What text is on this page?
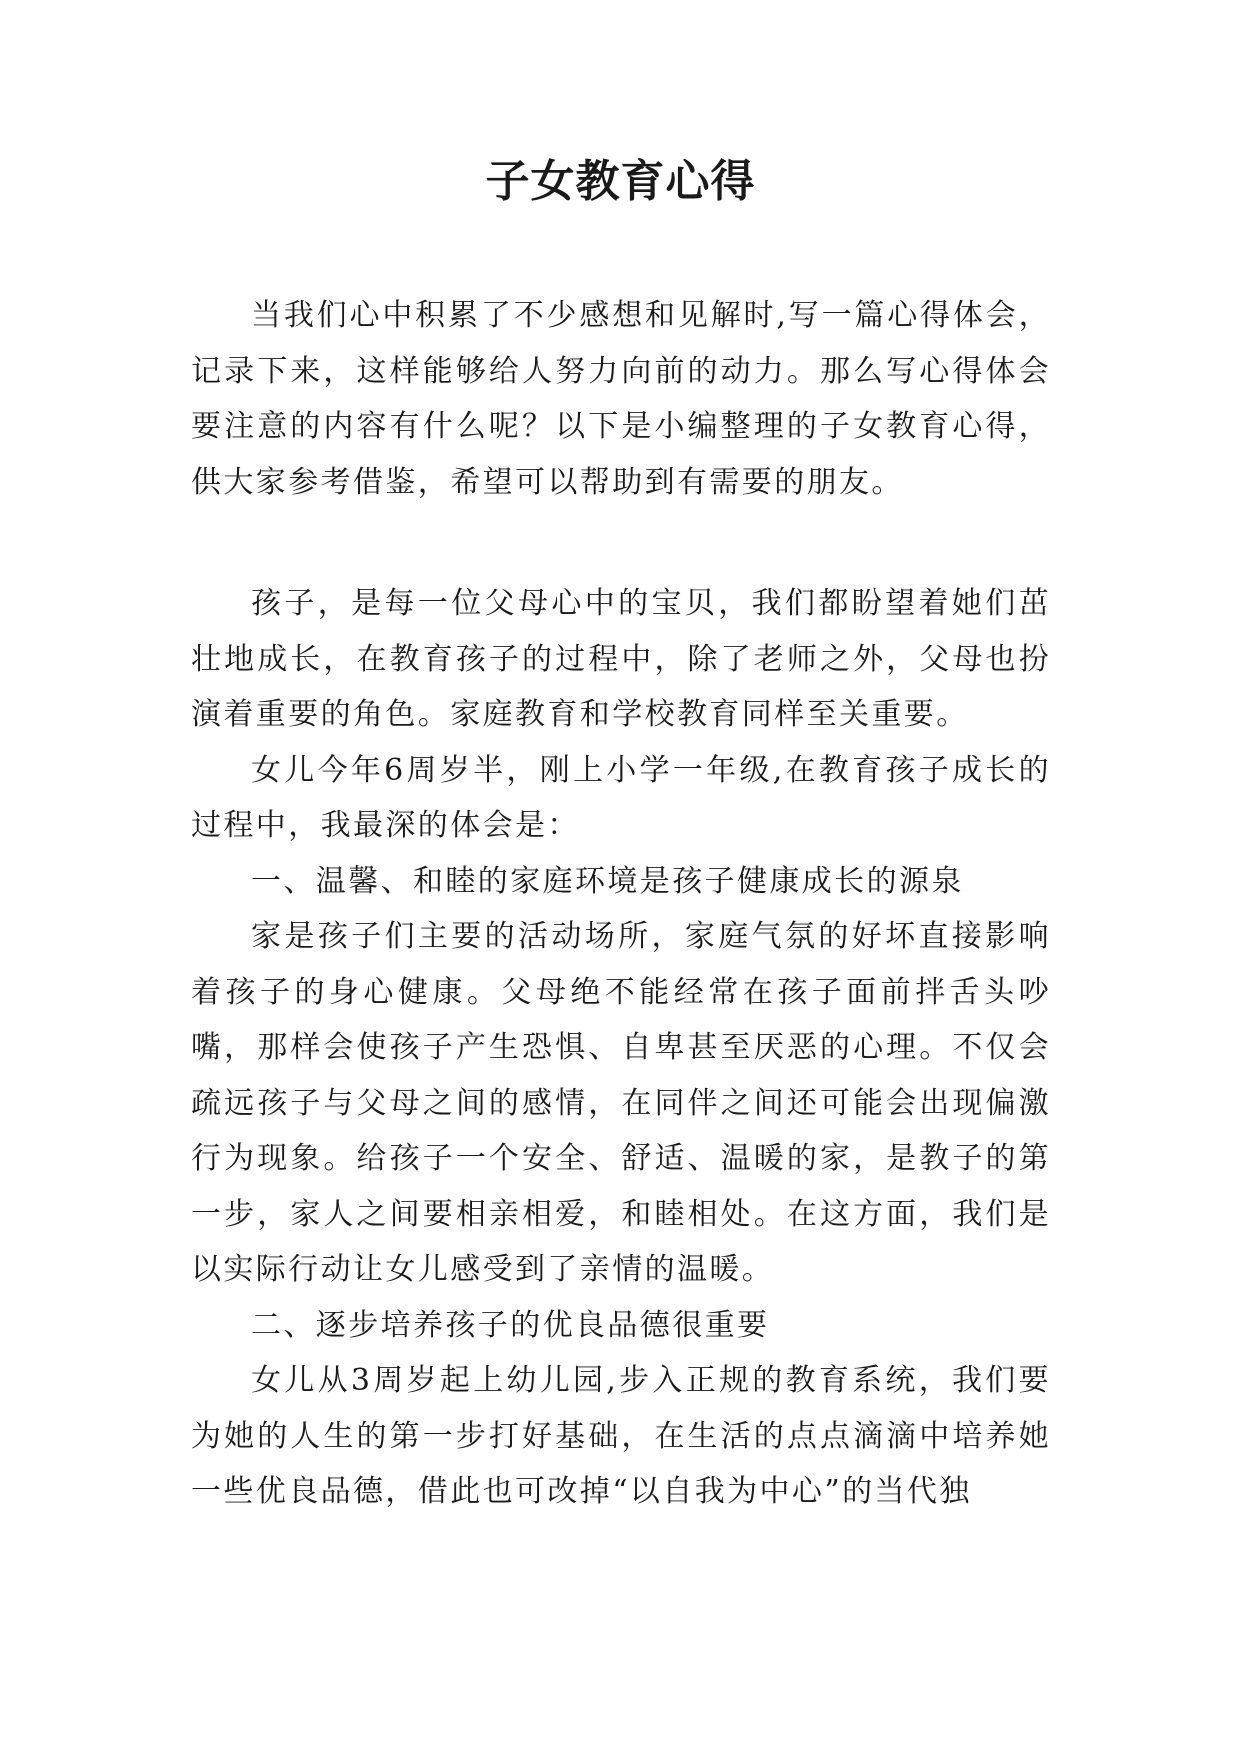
子女教育心得

当我们心中积累了不少感想和见解时,写一篇心得体会，记录下来，这样能够给人努力向前的动力。那么写心得体会要注意的内容有什么呢？以下是小编整理的子女教育心得，供大家参考借鉴，希望可以帮助到有需要的朋友。

孩子，是每一位父母心中的宝贝，我们都盼望着她们茁壮地成长，在教育孩子的过程中，除了老师之外，父母也扮演着重要的角色。家庭教育和学校教育同样至关重要。

女儿今年6周岁半，刚上小学一年级,在教育孩子成长的过程中，我最深的体会是：

一、温馨、和睦的家庭环境是孩子健康成长的源泉

家是孩子们主要的活动场所，家庭气氛的好坏直接影响着孩子的身心健康。父母绝不能经常在孩子面前拌舌头吵嘴，那样会使孩子产生恐惧、自卑甚至厌恶的心理。不仅会疏远孩子与父母之间的感情，在同伴之间还可能会出现偏激行为现象。给孩子一个安全、舒适、温暖的家，是教子的第一步，家人之间要相亲相爱，和睦相处。在这方面，我们是以实际行动让女儿感受到了亲情的温暖。

二、逐步培养孩子的优良品德很重要

女儿从3周岁起上幼儿园,步入正规的教育系统，我们要为她的人生的第一步打好基础，在生活的点点滴滴中培养她一些优良品德，借此也可改掉“以自我为中心”的当代独
